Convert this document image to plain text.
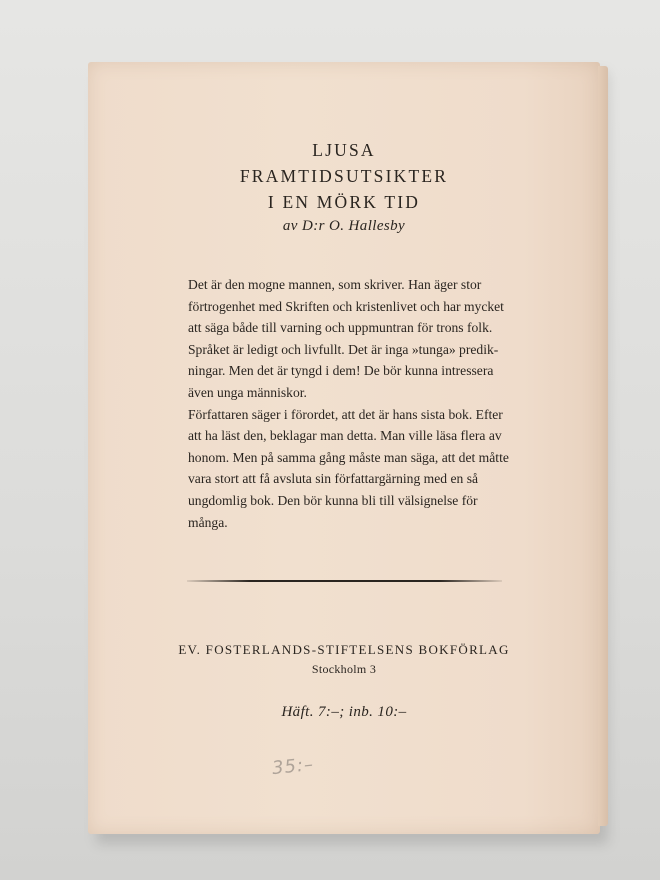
LJUSA
FRAMTIDSUTSIKTER
I EN MÖRK TID
av D:r O. Hallesby
Det är den mogne mannen, som skriver. Han äger stor
förtrogenhet med Skriften och kristenlivet och har mycket
att säga både till varning och uppmuntran för trons folk.
Språket är ledigt och livfullt. Det är inga »tunga» predik-
ningar. Men det är tyngd i dem! De bör kunna intressera
även unga människor.
Författaren säger i förordet, att det är hans sista bok. Efter
att ha läst den, beklagar man detta. Man ville läsa flera av
honom. Men på samma gång måste man säga, att det måtte
vara stort att få avsluta sin författargärning med en så
ungdomlig bok. Den bör kunna bli till välsignelse för
många.
EV. FOSTERLANDS-STIFTELSENS BOKFÖRLAG
Stockholm 3
Häft. 7:–; inb. 10:–
35:–
